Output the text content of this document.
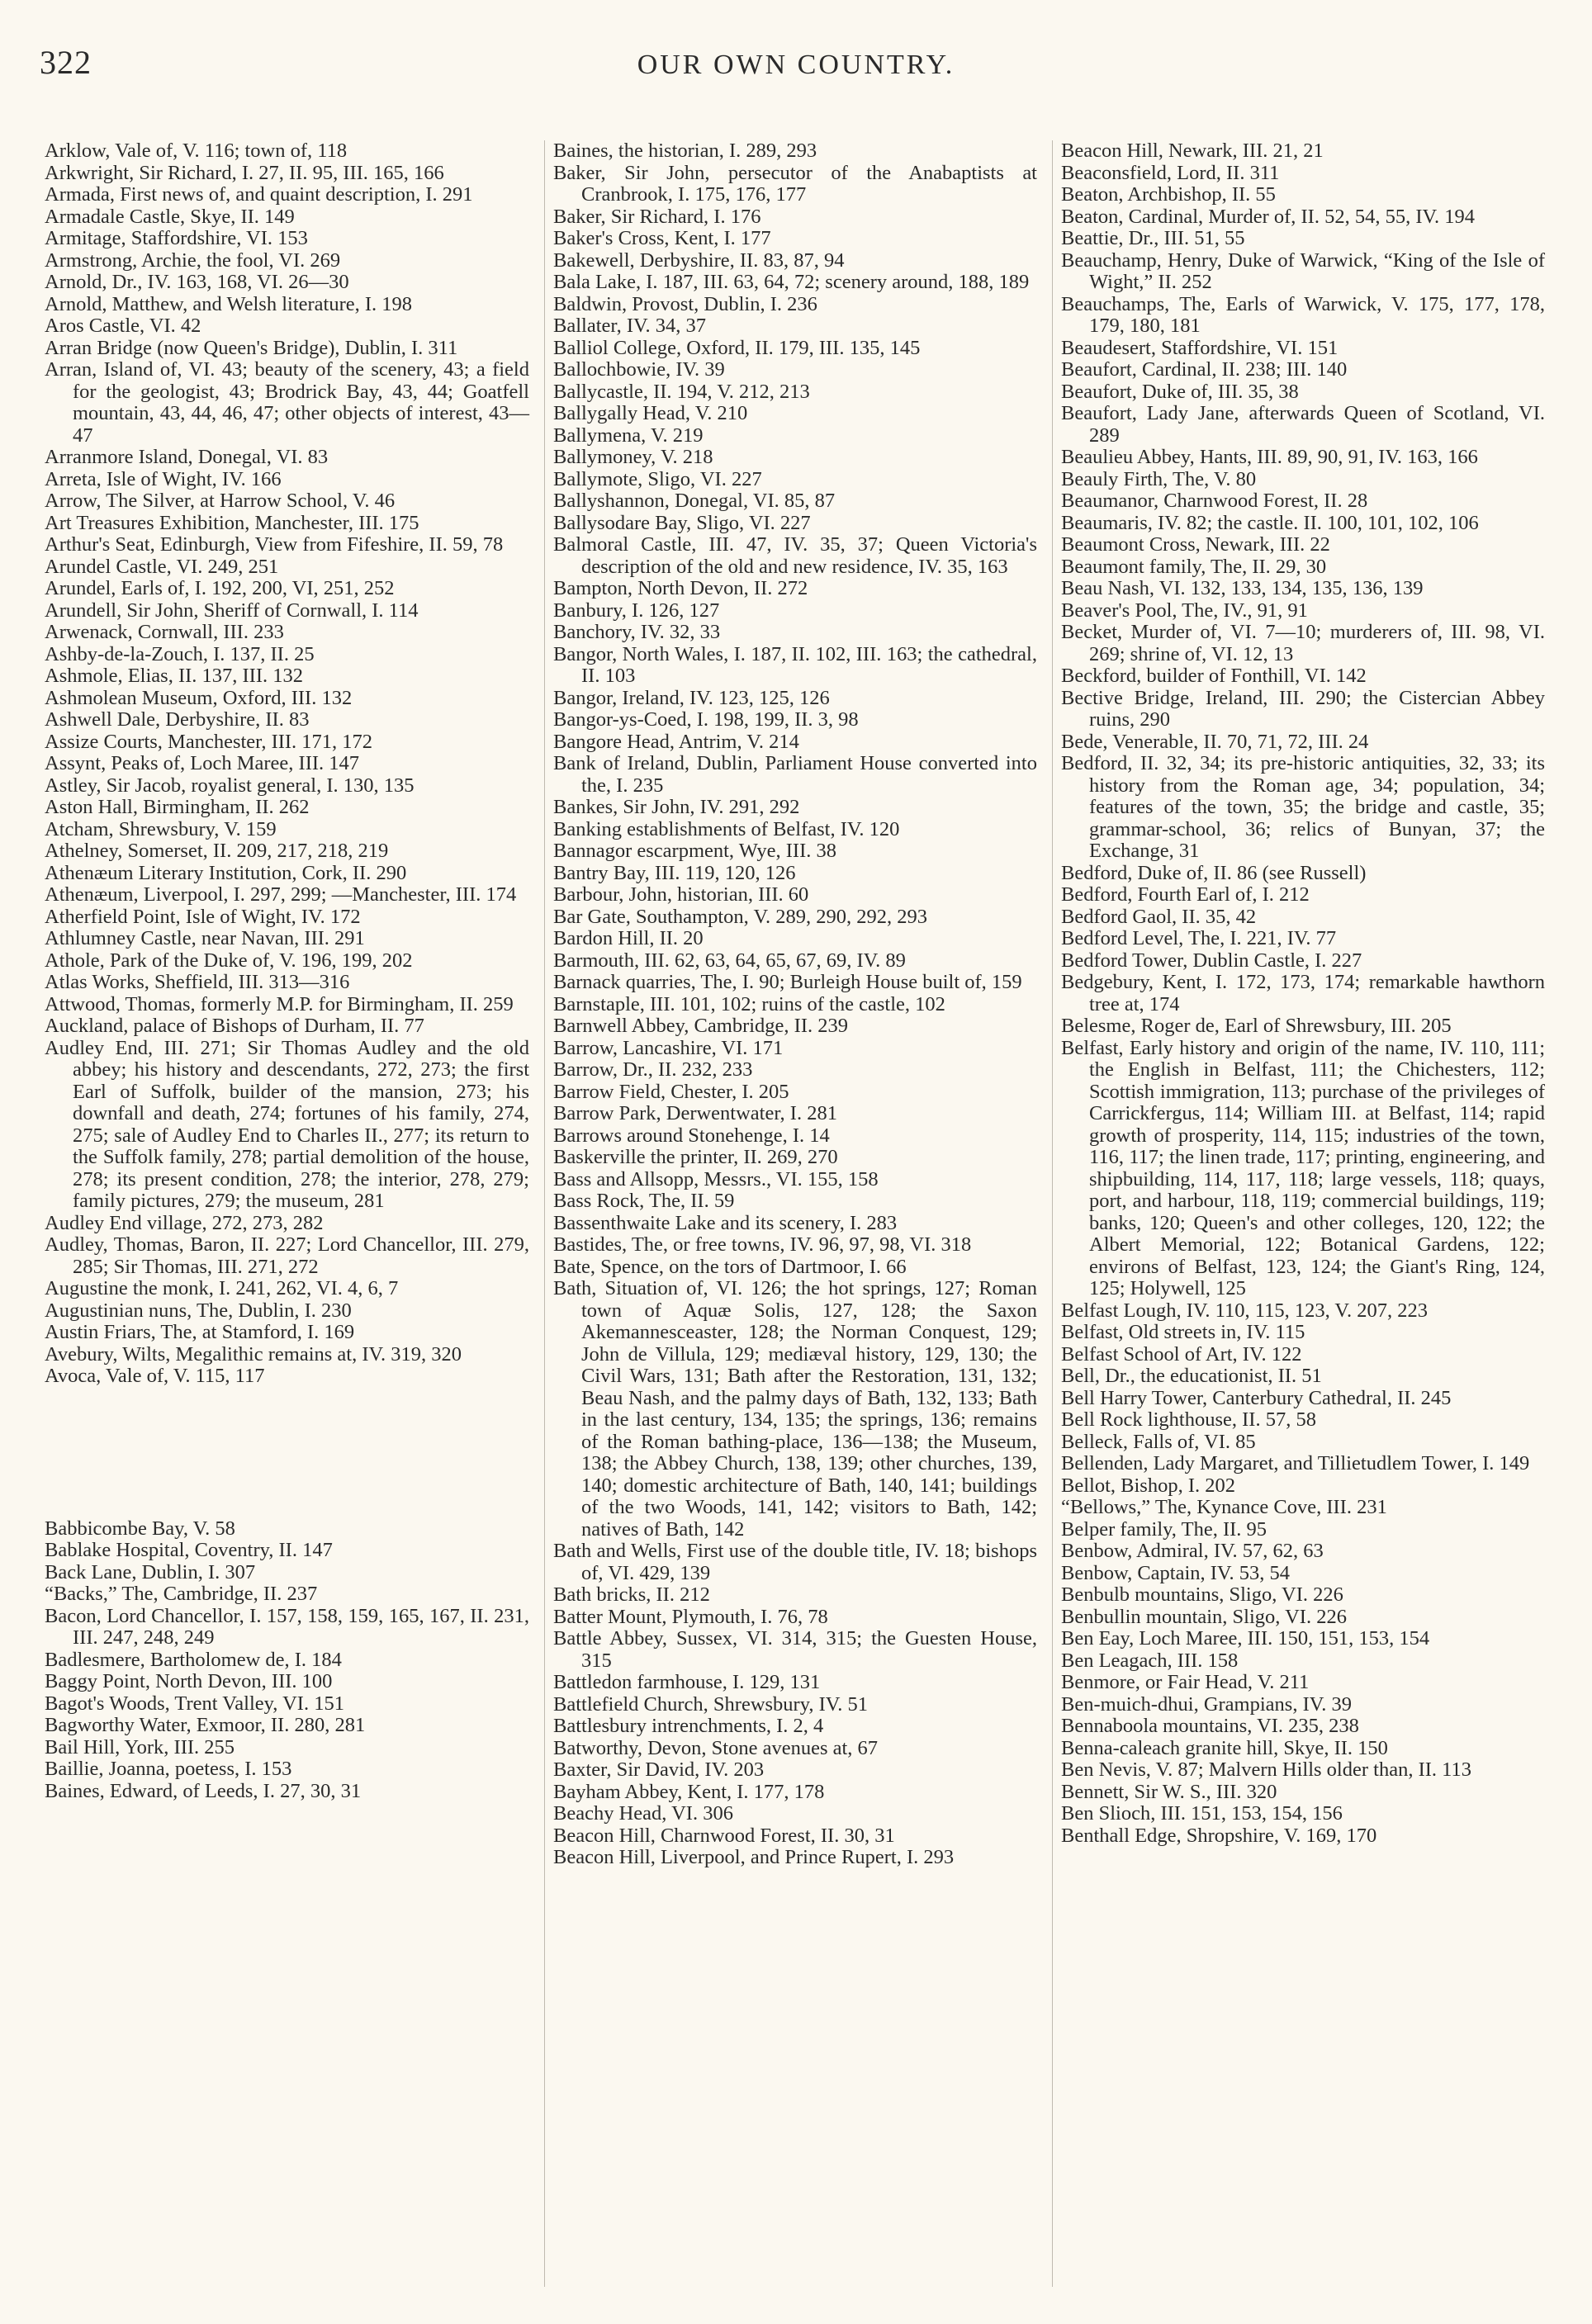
322	OUR OWN COUNTRY.

Arklow, Vale of, V. 116; town of, 118

Arkwright, Sir Richard, I. 27, II. 95, III. 165, 166

Armada, First news of, and quaint description, I. 291

Armadale Castle, Skye, II. 149

Armitage, Staffordshire, VI. 153

Armstrong, Archie, the fool, VI. 269

Arnold, Dr., IV. 163, 168, VI. 26—30

Arnold, Matthew, and Welsh literature, I. 198

Aros Castle, VI. 42

Arran Bridge (now Queen's Bridge), Dublin, I. 311

Arran, Island of, VI. 43; beauty of the scenery, 43; a field for the geologist, 43; Brodrick Bay, 43, 44; Goatfell mountain, 43, 44, 46, 47; other objects of interest, 43—47

Arranmore Island, Donegal, VI. 83

Arreta, Isle of Wight, IV. 166

Arrow, The Silver, at Harrow School, V. 46

Art Treasures Exhibition, Manchester, III. 175

Arthur's Seat, Edinburgh, View from Fifeshire, II. 59, 78

Arundel Castle, VI. 249, 251

Arundel, Earls of, I. 192, 200, VI, 251, 252

Arundell, Sir John, Sheriff of Cornwall, I. 114

Arwenack, Cornwall, III. 233

Ashby-de-la-Zouch, I. 137, II. 25

Ashmole, Elias, II. 137, III. 132

Ashmolean Museum, Oxford, III. 132

Ashwell Dale, Derbyshire, II. 83

Assize Courts, Manchester, III. 171, 172

Assynt, Peaks of, Loch Maree, III. 147

Astley, Sir Jacob, royalist general, I. 130, 135

Aston Hall, Birmingham, II. 262

Atcham, Shrewsbury, V. 159

Athelney, Somerset, II. 209, 217, 218, 219

Athenæum Literary Institution, Cork, II. 290

Athenæum, Liverpool, I. 297, 299; —Manchester, III. 174

Atherfield Point, Isle of Wight, IV. 172

Athlumney Castle, near Navan, III. 291

Athole, Park of the Duke of, V. 196, 199, 202

Atlas Works, Sheffield, III. 313—316

Attwood, Thomas, formerly M.P. for Birmingham, II. 259

Auckland, palace of Bishops of Durham, II. 77

Audley End, III. 271; Sir Thomas Audley and the old abbey; his history and descendants, 272, 273; the first Earl of Suffolk, builder of the mansion, 273; his downfall and death, 274; fortunes of his family, 274, 275; sale of Audley End to Charles II., 277; its return to the Suffolk family, 278; partial demolition of the house, 278; its present condition, 278; the interior, 278, 279; family pictures, 279; the museum, 281

Audley End village, 272, 273, 282

Audley, Thomas, Baron, II. 227; Lord Chancellor, III. 279, 285; Sir Thomas, III. 271, 272

Augustine the monk, I. 241, 262, VI. 4, 6, 7

Augustinian nuns, The, Dublin, I. 230

Austin Friars, The, at Stamford, I. 169

Avebury, Wilts, Megalithic remains at, IV. 319, 320

Avoca, Vale of, V. 115, 117

Babbicombe Bay, V. 58

Bablake Hospital, Coventry, II. 147

Back Lane, Dublin, I. 307

“Backs,” The, Cambridge, II. 237

Bacon, Lord Chancellor, I. 157, 158, 159, 165, 167, II. 231, III. 247, 248, 249

Badlesmere, Bartholomew de, I. 184

Baggy Point, North Devon, III. 100

Bagot's Woods, Trent Valley, VI. 151

Bagworthy Water, Exmoor, II. 280, 281

Bail Hill, York, III. 255

Baillie, Joanna, poetess, I. 153

Baines, Edward, of Leeds, I. 27, 30, 31

Baines, the historian, I. 289, 293

Baker, Sir John, persecutor of the Anabaptists at Cranbrook, I. 175, 176, 177

Baker, Sir Richard, I. 176

Baker's Cross, Kent, I. 177

Bakewell, Derbyshire, II. 83, 87, 94

Bala Lake, I. 187, III. 63, 64, 72; scenery around, 188, 189

Baldwin, Provost, Dublin, I. 236

Ballater, IV. 34, 37

Balliol College, Oxford, II. 179, III. 135, 145

Ballochbowie, IV. 39

Ballycastle, II. 194, V. 212, 213

Ballygally Head, V. 210

Ballymena, V. 219

Ballymoney, V. 218

Ballymote, Sligo, VI. 227

Ballyshannon, Donegal, VI. 85, 87

Ballysodare Bay, Sligo, VI. 227

Balmoral Castle, III. 47, IV. 35, 37; Queen Victoria's description of the old and new residence, IV. 35, 163

Bampton, North Devon, II. 272

Banbury, I. 126, 127

Banchory, IV. 32, 33

Bangor, North Wales, I. 187, II. 102, III. 163; the cathedral, II. 103

Bangor, Ireland, IV. 123, 125, 126

Bangor-ys-Coed, I. 198, 199, II. 3, 98

Bangore Head, Antrim, V. 214

Bank of Ireland, Dublin, Parliament House converted into the, I. 235

Bankes, Sir John, IV. 291, 292

Banking establishments of Belfast, IV. 120

Bannagor escarpment, Wye, III. 38

Bantry Bay, III. 119, 120, 126

Barbour, John, historian, III. 60

Bar Gate, Southampton, V. 289, 290, 292, 293

Bardon Hill, II. 20

Barmouth, III. 62, 63, 64, 65, 67, 69, IV. 89

Barnack quarries, The, I. 90; Burleigh House built of, 159

Barnstaple, III. 101, 102; ruins of the castle, 102

Barnwell Abbey, Cambridge, II. 239

Barrow, Lancashire, VI. 171

Barrow, Dr., II. 232, 233

Barrow Field, Chester, I. 205

Barrow Park, Derwentwater, I. 281

Barrows around Stonehenge, I. 14

Baskerville the printer, II. 269, 270

Bass and Allsopp, Messrs., VI. 155, 158

Bass Rock, The, II. 59

Bassenthwaite Lake and its scenery, I. 283

Bastides, The, or free towns, IV. 96, 97, 98, VI. 318

Bate, Spence, on the tors of Dartmoor, I. 66

Bath, Situation of, VI. 126; the hot springs, 127; Roman town of Aquæ Solis, 127, 128; the Saxon Akemannesceaster, 128; the Norman Conquest, 129; John de Villula, 129; mediæval history, 129, 130; the Civil Wars, 131; Bath after the Restoration, 131, 132; Beau Nash, and the palmy days of Bath, 132, 133; Bath in the last century, 134, 135; the springs, 136; remains of the Roman bathing-place, 136—138; the Museum, 138; the Abbey Church, 138, 139; other churches, 139, 140; domestic architecture of Bath, 140, 141; buildings of the two Woods, 141, 142; visitors to Bath, 142; natives of Bath, 142

Bath and Wells, First use of the double title, IV. 18; bishops of, VI. 429, 139

Bath bricks, II. 212

Batter Mount, Plymouth, I. 76, 78

Battle Abbey, Sussex, VI. 314, 315; the Guesten House, 315

Battledon farmhouse, I. 129, 131

Battlefield Church, Shrewsbury, IV. 51

Battlesbury intrenchments, I. 2, 4

Batworthy, Devon, Stone avenues at, 67

Baxter, Sir David, IV. 203

Bayham Abbey, Kent, I. 177, 178

Beachy Head, VI. 306

Beacon Hill, Charnwood Forest, II. 30, 31

Beacon Hill, Liverpool, and Prince Rupert, I. 293

Beacon Hill, Newark, III. 21, 21

Beaconsfield, Lord, II. 311

Beaton, Archbishop, II. 55

Beaton, Cardinal, Murder of, II. 52, 54, 55, IV. 194

Beattie, Dr., III. 51, 55

Beauchamp, Henry, Duke of Warwick, “King of the Isle of Wight,” II. 252

Beauchamps, The, Earls of Warwick, V. 175, 177, 178, 179, 180, 181

Beaudesert, Staffordshire, VI. 151

Beaufort, Cardinal, II. 238; III. 140

Beaufort, Duke of, III. 35, 38

Beaufort, Lady Jane, afterwards Queen of Scotland, VI. 289

Beaulieu Abbey, Hants, III. 89, 90, 91, IV. 163, 166

Beauly Firth, The, V. 80

Beaumanor, Charnwood Forest, II. 28

Beaumaris, IV. 82; the castle. II. 100, 101, 102, 106

Beaumont Cross, Newark, III. 22

Beaumont family, The, II. 29, 30

Beau Nash, VI. 132, 133, 134, 135, 136, 139

Beaver's Pool, The, IV., 91, 91

Becket, Murder of, VI. 7—10; murderers of, III. 98, VI. 269; shrine of, VI. 12, 13

Beckford, builder of Fonthill, VI. 142

Bective Bridge, Ireland, III. 290; the Cistercian Abbey ruins, 290

Bede, Venerable, II. 70, 71, 72, III. 24

Bedford, II. 32, 34; its pre-historic antiquities, 32, 33; its history from the Roman age, 34; population, 34; features of the town, 35; the bridge and castle, 35; grammar-school, 36; relics of Bunyan, 37; the Exchange, 31

Bedford, Duke of, II. 86 (see Russell)

Bedford, Fourth Earl of, I. 212

Bedford Gaol, II. 35, 42

Bedford Level, The, I. 221, IV. 77

Bedford Tower, Dublin Castle, I. 227

Bedgebury, Kent, I. 172, 173, 174; remarkable hawthorn tree at, 174

Belesme, Roger de, Earl of Shrewsbury, III. 205

Belfast, Early history and origin of the name, IV. 110, 111; the English in Belfast, 111; the Chichesters, 112; Scottish immigration, 113; purchase of the privileges of Carrickfergus, 114; William III. at Belfast, 114; rapid growth of prosperity, 114, 115; industries of the town, 116, 117; the linen trade, 117; printing, engineering, and shipbuilding, 114, 117, 118; large vessels, 118; quays, port, and harbour, 118, 119; commercial buildings, 119; banks, 120; Queen's and other colleges, 120, 122; the Albert Memorial, 122; Botanical Gardens, 122; environs of Belfast, 123, 124; the Giant's Ring, 124, 125; Holywell, 125

Belfast Lough, IV. 110, 115, 123, V. 207, 223

Belfast, Old streets in, IV. 115

Belfast School of Art, IV. 122

Bell, Dr., the educationist, II. 51

Bell Harry Tower, Canterbury Cathedral, II. 245

Bell Rock lighthouse, II. 57, 58

Belleck, Falls of, VI. 85

Bellenden, Lady Margaret, and Tillietudlem Tower, I. 149

Bellot, Bishop, I. 202

“Bellows,” The, Kynance Cove, III. 231

Belper family, The, II. 95

Benbow, Admiral, IV. 57, 62, 63

Benbow, Captain, IV. 53, 54

Benbulb mountains, Sligo, VI. 226

Benbullin mountain, Sligo, VI. 226

Ben Eay, Loch Maree, III. 150, 151, 153, 154

Ben Leagach, III. 158

Benmore, or Fair Head, V. 211

Ben-muich-dhui, Grampians, IV. 39

Bennaboola mountains, VI. 235, 238

Benna-caleach granite hill, Skye, II. 150

Ben Nevis, V. 87; Malvern Hills older than, II. 113

Bennett, Sir W. S., III. 320

Ben Slioch, III. 151, 153, 154, 156

Benthall Edge, Shropshire, V. 169, 170
